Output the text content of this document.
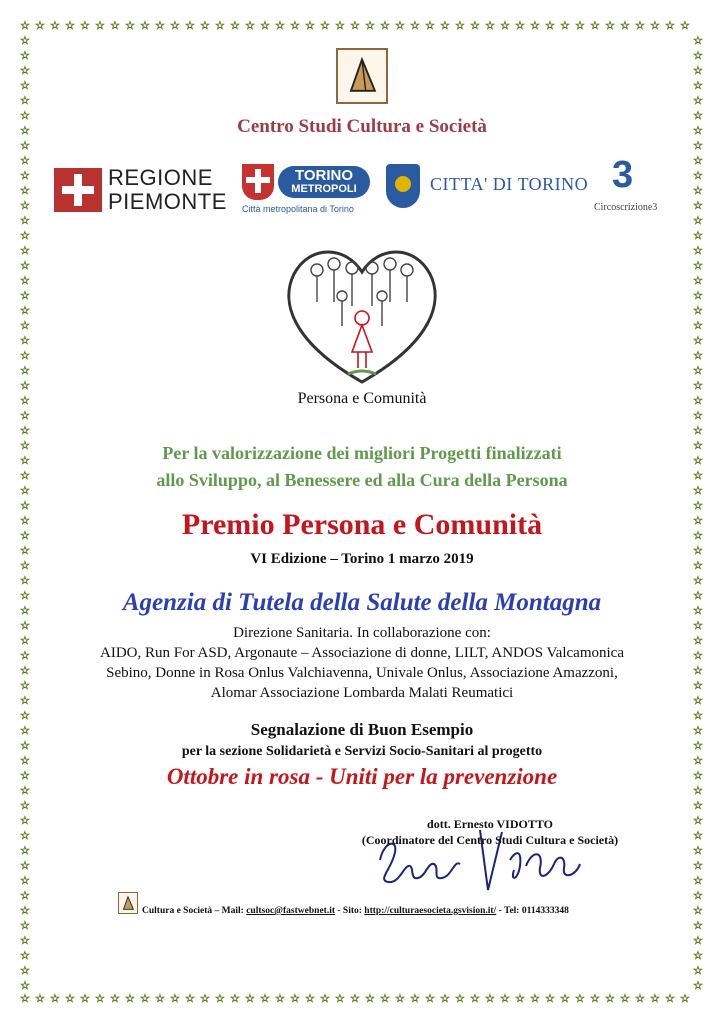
☆
☆
☆
☆
☆
☆
☆
☆
☆
☆
☆
☆
☆
☆
☆
☆
☆
☆
☆
☆
☆
☆
☆
☆
☆
☆
☆
☆
☆
☆
☆
☆
☆
☆
☆
☆
☆
☆
☆
☆
☆
☆
☆
☆
☆
☆
☆
☆
☆
☆
☆
☆
☆
☆
☆
☆
☆
☆
☆
☆
☆
☆
☆
☆
☆
☆
☆
☆
☆
☆
☆
☆
☆
☆
☆
☆
☆
☆
☆
☆
☆
☆
☆
☆
☆
☆
☆
☆
☆
☆
☆	☆
☆	☆
☆	☆
☆	☆
☆	☆
☆	☆
☆	☆
☆	☆
☆	☆
☆	☆
☆	☆
☆	☆
☆	☆
☆	☆
☆	☆
☆	☆
☆	☆
☆	☆
☆	☆
☆	☆
☆	☆
☆	☆
☆	☆
☆	☆
☆	☆
☆	☆
☆	☆
☆	☆
☆	☆
☆	☆
☆	☆
☆	☆
☆	☆
☆	☆
☆	☆
☆	☆
☆	☆
☆	☆
☆	☆
☆	☆
☆	☆
☆	☆
☆	☆
☆	☆
☆	☆
☆	☆
☆	☆
☆	☆
☆	☆
☆	☆
☆	☆
☆	☆
☆	☆
☆	☆
☆	☆
☆	☆
☆	☆
☆	☆
☆	☆
☆	☆
☆	☆
☆	☆
☆	☆
☆	☆
Centro Studi Cultura e Società
REGIONE
PIEMONTE
TORINO
METROPOLI
Città metropolitana di Torino
CITTA' DI TORINO 3
Circoscrizione3
Persona e Comunità
Per la valorizzazione dei migliori Progetti finalizzati
allo Sviluppo, al Benessere ed alla Cura della Persona
Premio Persona e Comunità
VI Edizione – Torino 1 marzo 2019
Agenzia di Tutela della Salute della Montagna
Direzione Sanitaria. In collaborazione con:
AIDO, Run For ASD, Argonaute – Associazione di donne, LILT, ANDOS Valcamonica
Sebino, Donne in Rosa Onlus Valchiavenna, Univale Onlus, Associazione Amazzoni,
Alomar Associazione Lombarda Malati Reumatici
Segnalazione di Buon Esempio
per la sezione Solidarietà e Servizi Socio-Sanitari al progetto
Ottobre in rosa - Uniti per la prevenzione
dott. Ernesto VIDOTTO
(Coordinatore del Centro Studi Cultura e Società)
Cultura e Società – Mail: cultsoc@fastwebnet.it - Sito: http://culturaesocieta.gsvision.it/ - Tel: 0114333348
